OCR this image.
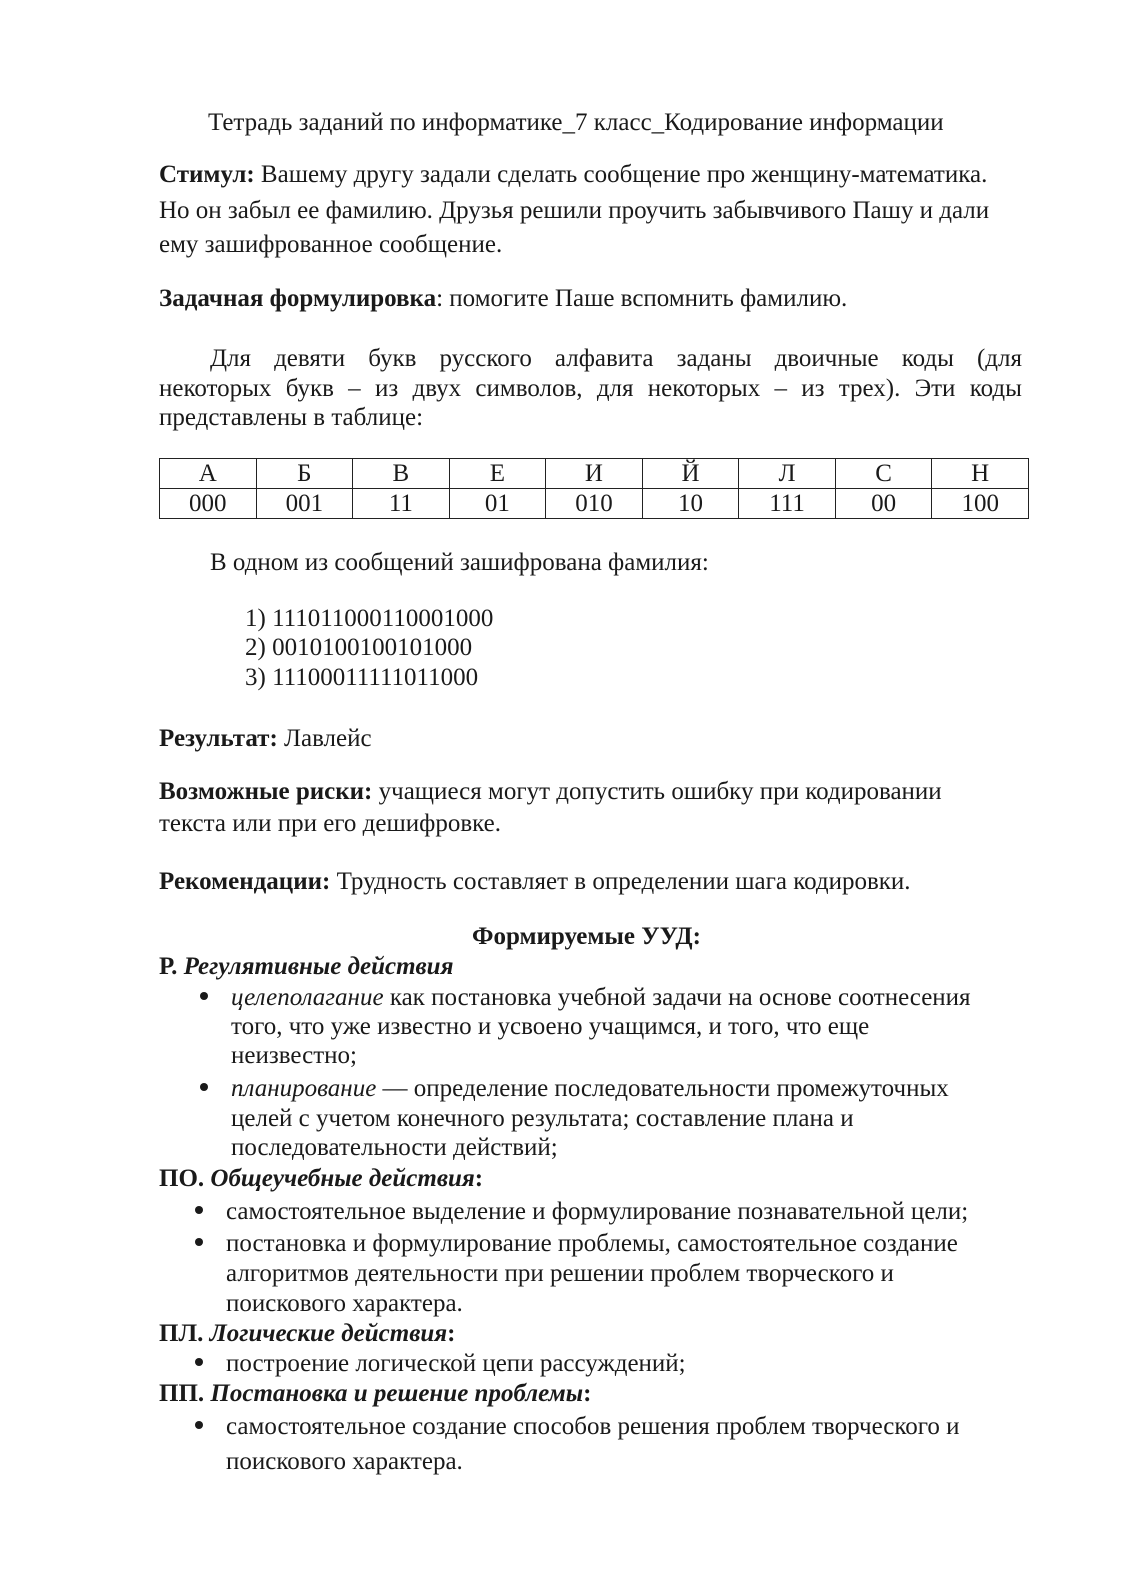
Тетрадь заданий по информатике_7 класс_Кодирование информации
Стимул: Вашему другу задали сделать сообщение про женщину-математика.
Но он забыл ее фамилию. Друзья решили проучить забывчивого Пашу и дали
ему зашифрованное сообщение.
Задачная формулировка: помогите Паше вспомнить фамилию.
Для девяти букв русского алфавита заданы двоичные коды (для
некоторых букв – из двух символов, для некоторых – из трех). Эти коды
представлены в таблице:
А	Б	В	Е	И	Й	Л	С	Н
000	001	11	01	010	10	111	00	100
В одном из сообщений зашифрована фамилия:
1) 111011000110001000
2) 0010100100101000
3) 11100011111011000
Результат: Лавлейс
Возможные риски: учащиеся могут допустить ошибку при кодировании
текста или при его дешифровке.
Рекомендации: Трудность составляет в определении шага кодировки.
Формируемые УУД:
Р. Регулятивные действия
целеполагание как постановка учебной задачи на основе соотнесения
того, что уже известно и усвоено учащимся, и того, что еще
неизвестно;
планирование — определение последовательности промежуточных
целей с учетом конечного результата; составление плана и
последовательности действий;
ПО. Общеучебные действия:
самостоятельное выделение и формулирование познавательной цели;
постановка и формулирование проблемы, самостоятельное создание
алгоритмов деятельности при решении проблем творческого и
поискового характера.
ПЛ. Логические действия:
построение логической цепи рассуждений;
ПП. Постановка и решение проблемы:
самостоятельное создание способов решения проблем творческого и
поискового характера.
